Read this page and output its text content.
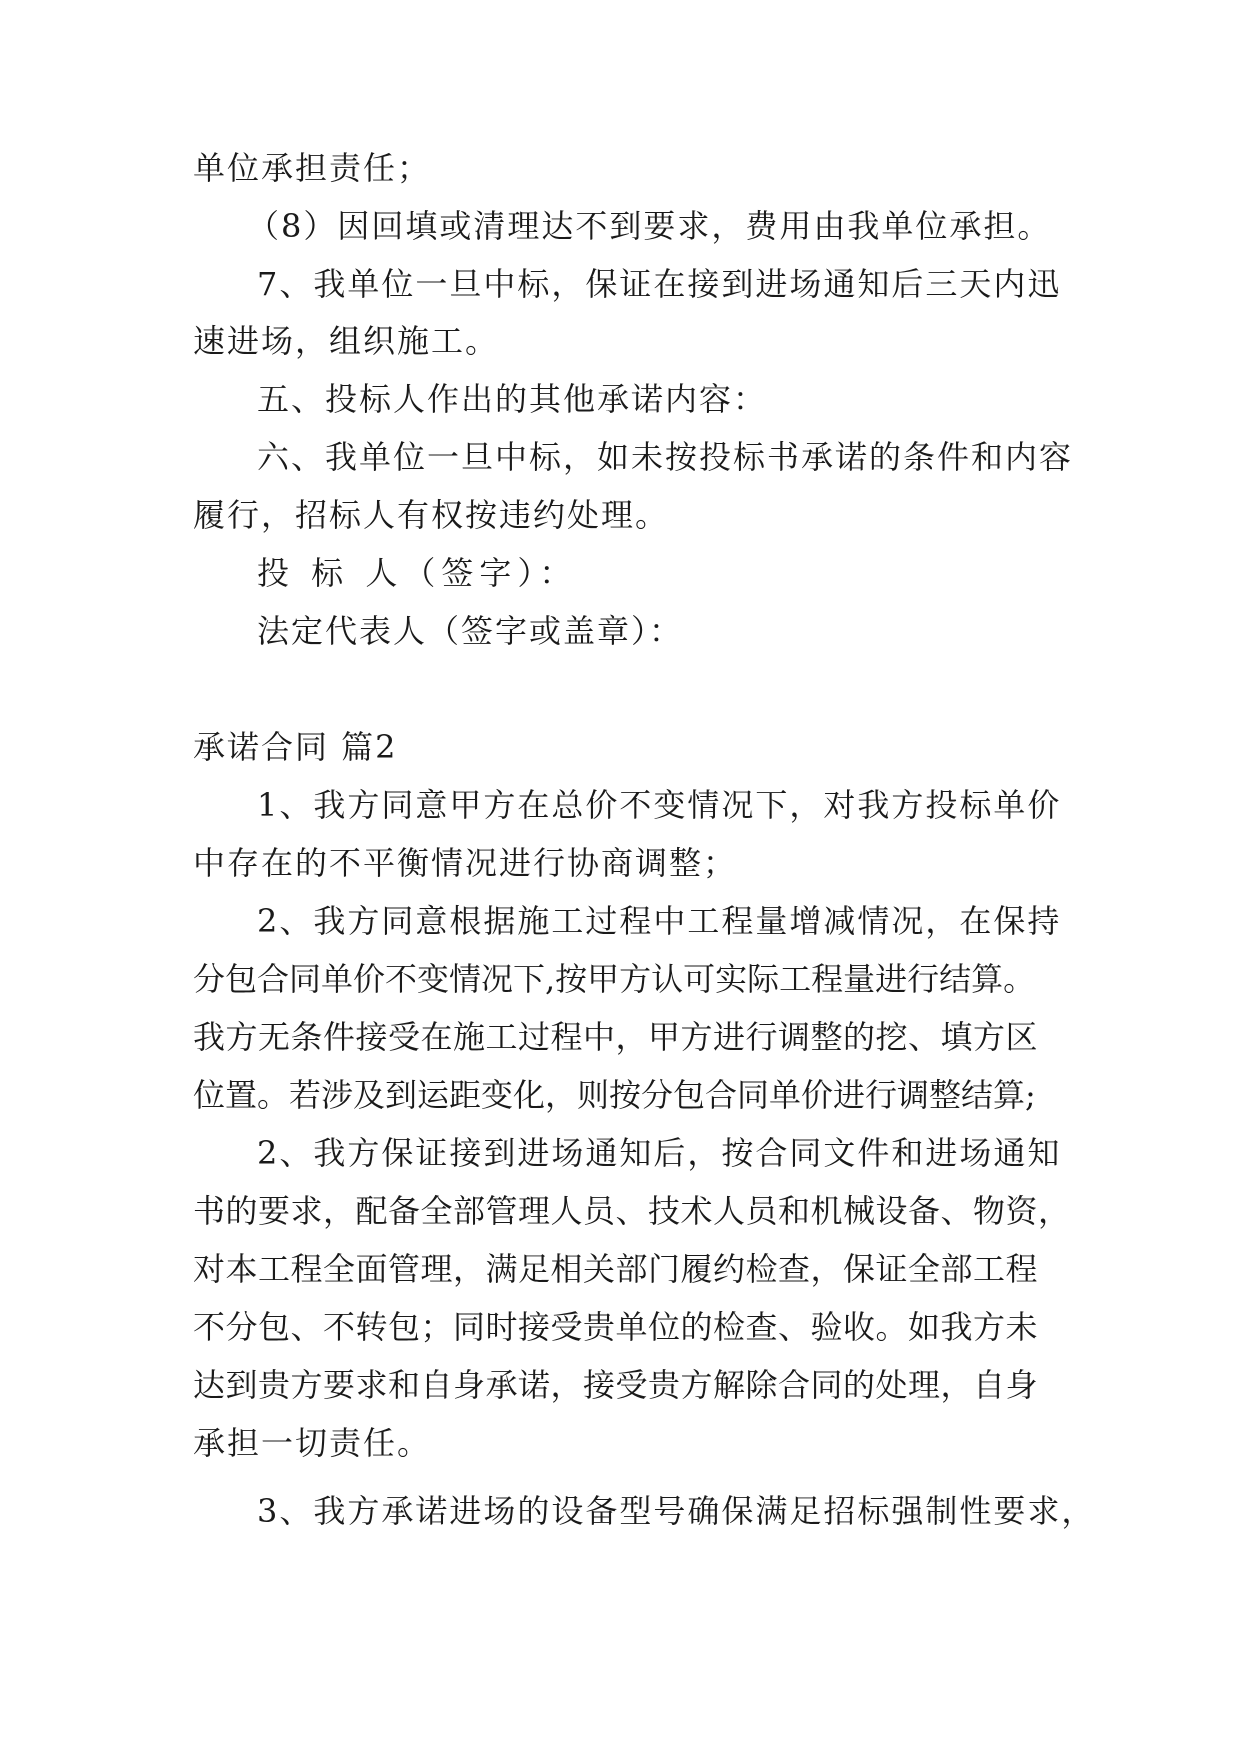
单位承担责任；
（8）因回填或清理达不到要求，费用由我单位承担。
7、我单位一旦中标，保证在接到进场通知后三天内迅
速进场，组织施工。
五、投标人作出的其他承诺内容：
六、我单位一旦中标，如未按投标书承诺的条件和内容
履行，招标人有权按违约处理。
投 标 人（签字）：
法定代表人（签字或盖章）：
承诺合同 篇2
1、我方同意甲方在总价不变情况下，对我方投标单价
中存在的不平衡情况进行协商调整；
2、我方同意根据施工过程中工程量增减情况，在保持
分包合同单价不变情况下,按甲方认可实际工程量进行结算。
我方无条件接受在施工过程中，甲方进行调整的挖、填方区
位置。若涉及到运距变化，则按分包合同单价进行调整结算;
2、我方保证接到进场通知后，按合同文件和进场通知
书的要求，配备全部管理人员、技术人员和机械设备、物资，
对本工程全面管理，满足相关部门履约检查，保证全部工程
不分包、不转包；同时接受贵单位的检查、验收。如我方未
达到贵方要求和自身承诺，接受贵方解除合同的处理，自身
承担一切责任。
3、我方承诺进场的设备型号确保满足招标强制性要求，
